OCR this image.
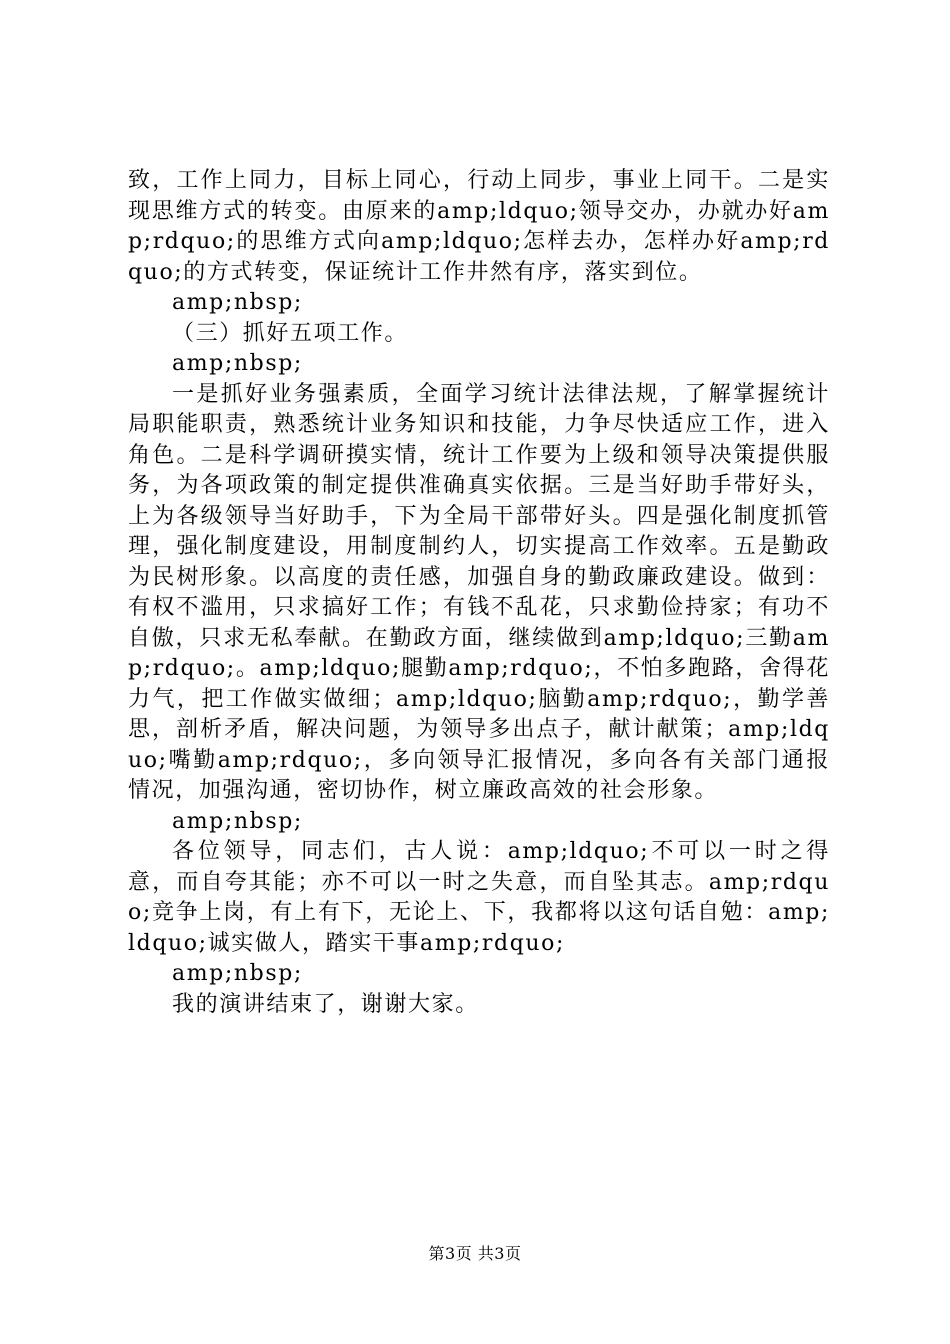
致，工作上同力，目标上同心，行动上同步，事业上同干。二是实现思维方式的转变。由原来的amp;ldquo;领导交办，办就办好amp;rdquo;的思维方式向amp;ldquo;怎样去办，怎样办好amp;rdquo;的方式转变，保证统计工作井然有序，落实到位。

amp;nbsp;

（三）抓好五项工作。

amp;nbsp;

一是抓好业务强素质，全面学习统计法律法规，了解掌握统计局职能职责，熟悉统计业务知识和技能，力争尽快适应工作，进入角色。二是科学调研摸实情，统计工作要为上级和领导决策提供服务，为各项政策的制定提供准确真实依据。三是当好助手带好头，上为各级领导当好助手，下为全局干部带好头。四是强化制度抓管理，强化制度建设，用制度制约人，切实提高工作效率。五是勤政为民树形象。以高度的责任感，加强自身的勤政廉政建设。做到：有权不滥用，只求搞好工作；有钱不乱花，只求勤俭持家；有功不自傲，只求无私奉献。在勤政方面，继续做到amp;ldquo;三勤amp;rdquo;。amp;ldquo;腿勤amp;rdquo;，不怕多跑路，舍得花力气，把工作做实做细；amp;ldquo;脑勤amp;rdquo;，勤学善思，剖析矛盾，解决问题，为领导多出点子，献计献策；amp;ldquo;嘴勤amp;rdquo;，多向领导汇报情况，多向各有关部门通报情况，加强沟通，密切协作，树立廉政高效的社会形象。

amp;nbsp;

各位领导，同志们，古人说：amp;ldquo;不可以一时之得意，而自夸其能；亦不可以一时之失意，而自坠其志。amp;rdquo;竞争上岗，有上有下，无论上、下，我都将以这句话自勉：amp;ldquo;诚实做人，踏实干事amp;rdquo;

amp;nbsp;

我的演讲结束了，谢谢大家。

第3页 共3页
